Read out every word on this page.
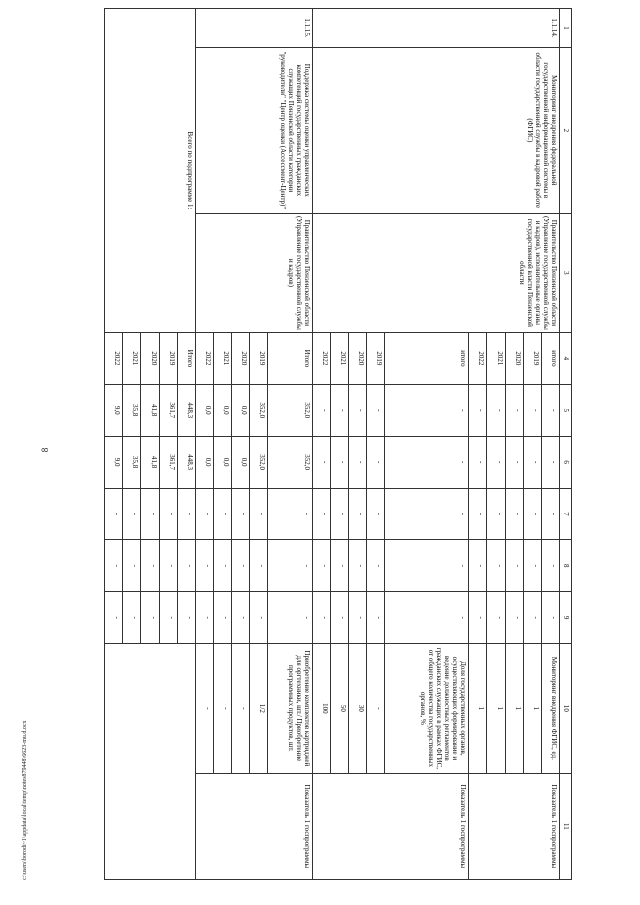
8
1	2	3	4	5	6	7	8	9	10	11
1.1.14.	Мониторинг внедрения федеральной государственной информационной системы в области государственной службы в кадровой работе (ФГИС)	Правительство Пензенской области (Управление государственной службы и кадров), исполнительные органы государственной власти Пензенской области	итого	-	-	-	-	-	Мониторинг внедрения ФГИС, ед.	Показатель 1 госпрограммы
			2019	-	-	-	-	-	1	
			2020	-	-	-	-	-	1	
			2021	-	-	-	-	-	1	
			2022	-	-	-	-	-	1	
			итого	-	-	-	-	-	Доля государственных органов, осуществляющих формирование и ведение должностных регламентов гражданских служащих в рамках ФГИС, от общего количества государственных органов, %	Показатель 1 госпрограммы
			2019	-	-	-	-	-	-	
			2020	-	-	-	-	-	30	
			2021	-	-	-	-	-	50	
			2022	-	-	-	-	-	100	
1.1.15.	Поддержка системы оценки управленческих компетенций государственных гражданских служащих Пензенской области категории "руководители" "Центр оценки (Ассессмент-Центр)"	Правительство Пензенской области (Управление государственной службы и кадров)	Итого	352,0	352,0	-	-	-	Приобретение комплектов картриджей для оргтехники, шт./ Приобретение программных продуктов, шт.	Показатель 1 госпрограммы
			2019	352,0	352,0	-	-	-	1/2	
			2020	0,0	0,0	-	-	-	-	
			2021	0,0	0,0	-	-	-	-	
			2022	0,0	0,0	-	-	-	-	
Всего по подпрограмме 1:			Итого	448,3	448,3	-	-	-		
			2019	361,7	361,7	-	-	-		
			2020	41,8	41,8	-	-	-		
			2021	35,8	35,8	-	-	-		
			2022	9,0	9,0	-	-	-		
c:\users\borodi~1\appdata\local\temp\notes879448\6623-mu.d.ocx
